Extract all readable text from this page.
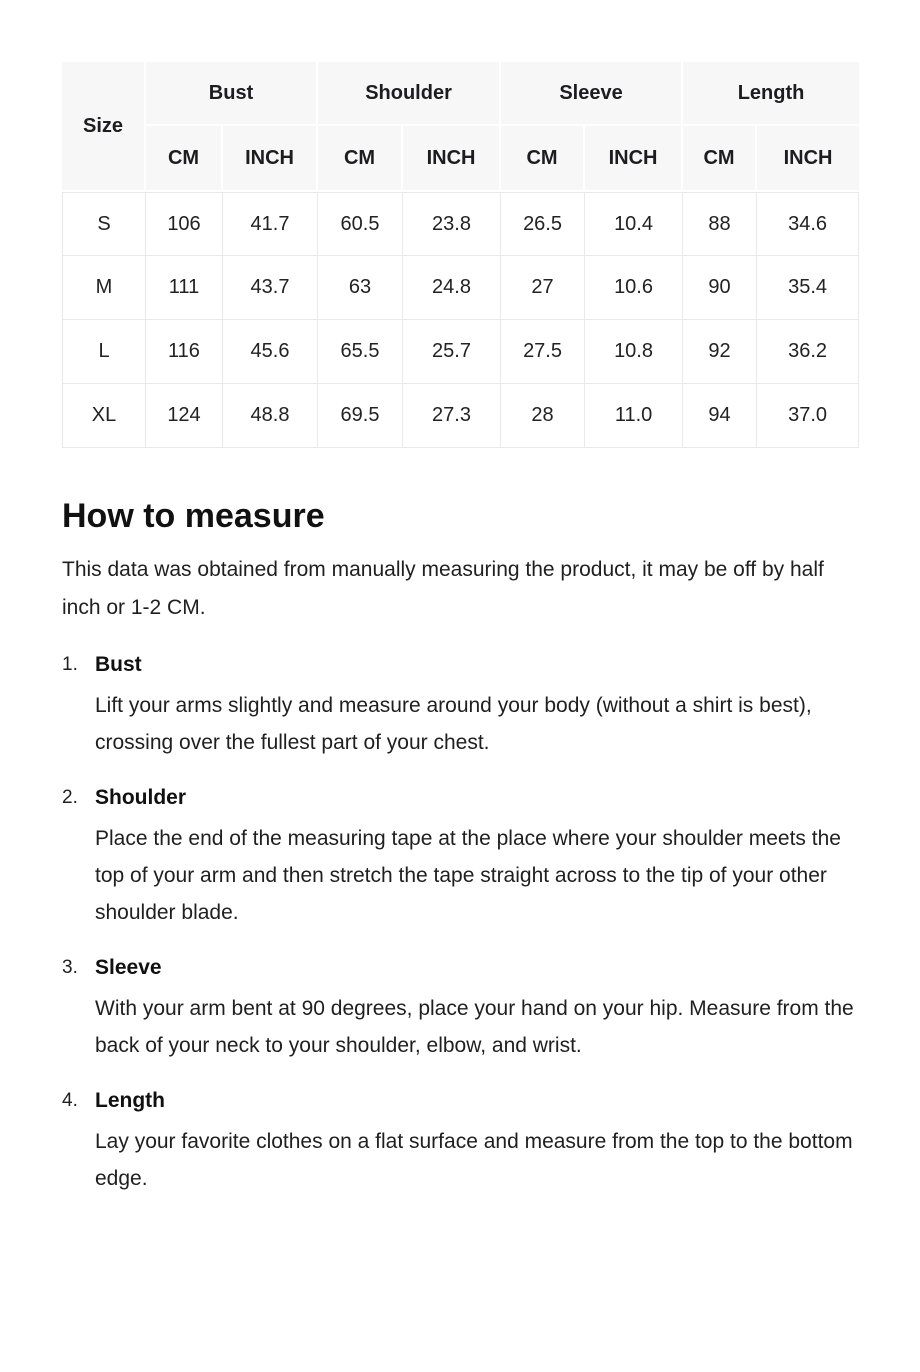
Size	Bust		Shoulder		Sleeve		Length	
	CM	INCH	CM	INCH	CM	INCH	CM	INCH
S	106	41.7	60.5	23.8	26.5	10.4	88	34.6
M	111	43.7	63	24.8	27	10.6	90	35.4
L	116	45.6	65.5	25.7	27.5	10.8	92	36.2
XL	124	48.8	69.5	27.3	28	11.0	94	37.0
How to measure

This data was obtained from manually measuring the product, it may be off by half inch or 1-2 CM.

1. Bust
Lift your arms slightly and measure around your body (without a shirt is best), crossing over the fullest part of your chest.
2. Shoulder
Place the end of the measuring tape at the place where your shoulder meets the top of your arm and then stretch the tape straight across to the tip of your other shoulder blade.
3. Sleeve
With your arm bent at 90 degrees, place your hand on your hip. Measure from the back of your neck to your shoulder, elbow, and wrist.
4. Length
Lay your favorite clothes on a flat surface and measure from the top to the bottom edge.
